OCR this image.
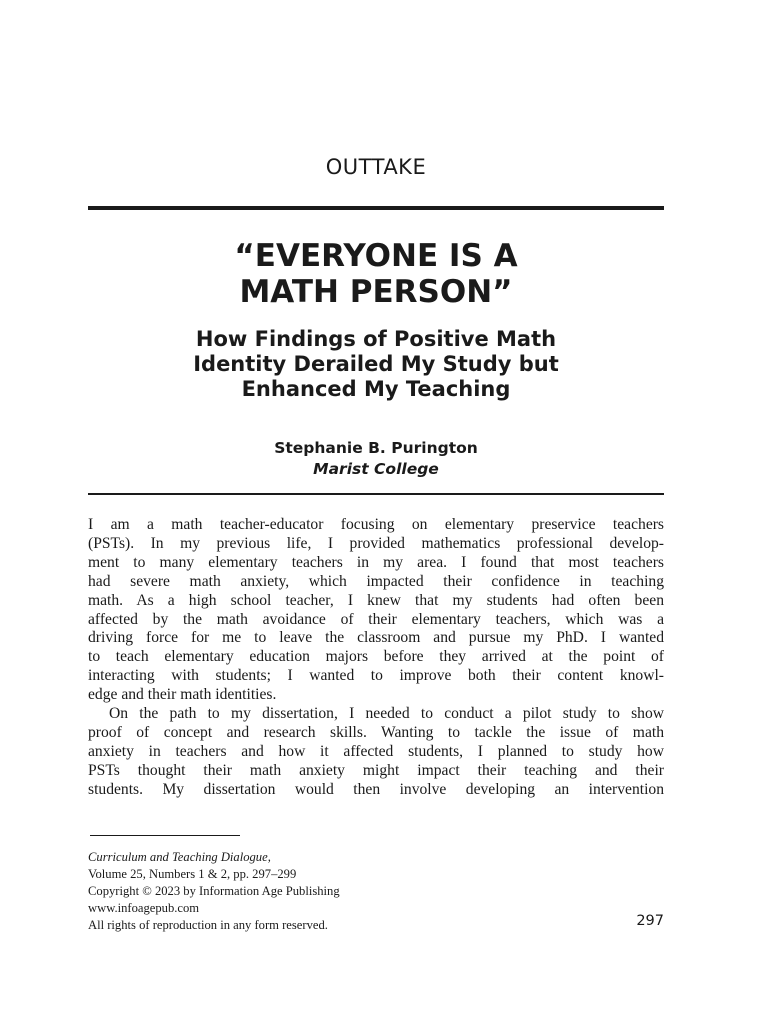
OUTTAKE
“EVERYONE IS A
MATH PERSON”
How Findings of Positive Math
Identity Derailed My Study but
Enhanced My Teaching
Stephanie B. Purington
Marist College
I am a math teacher-educator focusing on elementary preservice teachers
(PSTs). In my previous life, I provided mathematics professional develop-
ment to many elementary teachers in my area. I found that most teachers
had severe math anxiety, which impacted their confidence in teaching
math. As a high school teacher, I knew that my students had often been
affected by the math avoidance of their elementary teachers, which was a
driving force for me to leave the classroom and pursue my PhD. I wanted
to teach elementary education majors before they arrived at the point of
interacting with students; I wanted to improve both their content knowl-
edge and their math identities.
On the path to my dissertation, I needed to conduct a pilot study to show
proof of concept and research skills. Wanting to tackle the issue of math
anxiety in teachers and how it affected students, I planned to study how
PSTs thought their math anxiety might impact their teaching and their
students. My dissertation would then involve developing an intervention
Curriculum and Teaching Dialogue,
Volume 25, Numbers 1 & 2, pp. 297–299
Copyright © 2023 by Information Age Publishing
www.infoagepub.com
All rights of reproduction in any form reserved.	297
